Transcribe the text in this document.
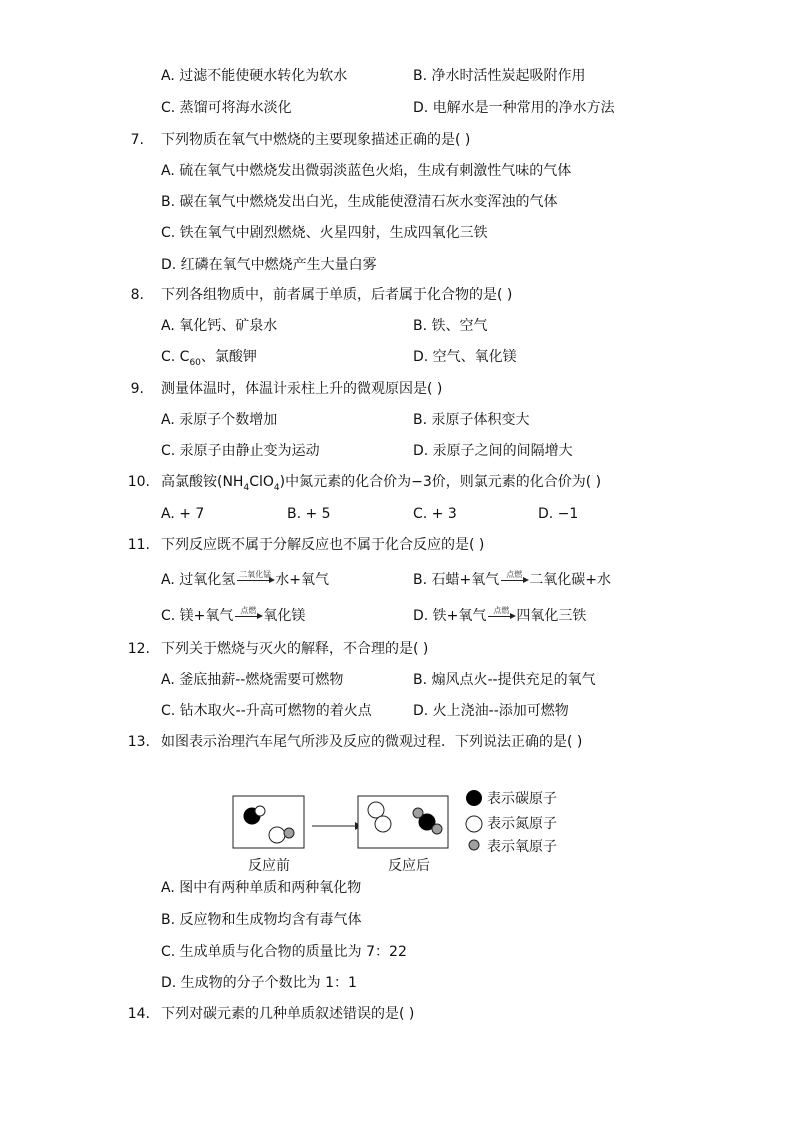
A. 过滤不能使硬水转化为软水	B. 净水时活性炭起吸附作用
C. 蒸馏可将海水淡化	D. 电解水是一种常用的净水方法
7. 下列物质在氧气中燃烧的主要现象描述正确的是( )
A. 硫在氧气中燃烧发出微弱淡蓝色火焰，生成有刺激性气味的气体
B. 碳在氧气中燃烧发出白光，生成能使澄清石灰水变浑浊的气体
C. 铁在氧气中剧烈燃烧、火星四射，生成四氧化三铁
D. 红磷在氧气中燃烧产生大量白雾
8. 下列各组物质中，前者属于单质，后者属于化合物的是( )
A. 氧化钙、矿泉水	B. 铁、空气
C. $C_{60}$、氯酸钾	D. 空气、氧化镁
9. 测量体温时，体温计汞柱上升的微观原因是( )
A. 汞原子个数增加	B. 汞原子体积变大
C. 汞原子由静止变为运动	D. 汞原子之间的间隔增大
10. 高氯酸铵$(NH_4ClO_4)$中氮元素的化合价为−3价，则氯元素的化合价为( )
A. + 7	B. + 5	C. + 3	D. −1
11. 下列反应既不属于分解反应也不属于化合反应的是( )
A. 过氧化氢 二氧化锰 水+氧气	B. 石蜡+氧气 点燃 二氧化碳+水
C. 镁+氧气 点燃 氧化镁	D. 铁+氧气 点燃 四氧化三铁
12. 下列关于燃烧与灭火的解释，不合理的是( )
A. 釜底抽薪--燃烧需要可燃物	B. 煽风点火--提供充足的氧气
C. 钻木取火--升高可燃物的着火点	D. 火上浇油--添加可燃物
13. 如图表示治理汽车尾气所涉及反应的微观过程．下列说法正确的是( )
反应前	反应后
表示碳原子
表示氮原子
表示氧原子
A. 图中有两种单质和两种氧化物
B. 反应物和生成物均含有毒气体
C. 生成单质与化合物的质量比为 7：22
D. 生成物的分子个数比为 1：1
14. 下列对碳元素的几种单质叙述错误的是( )
